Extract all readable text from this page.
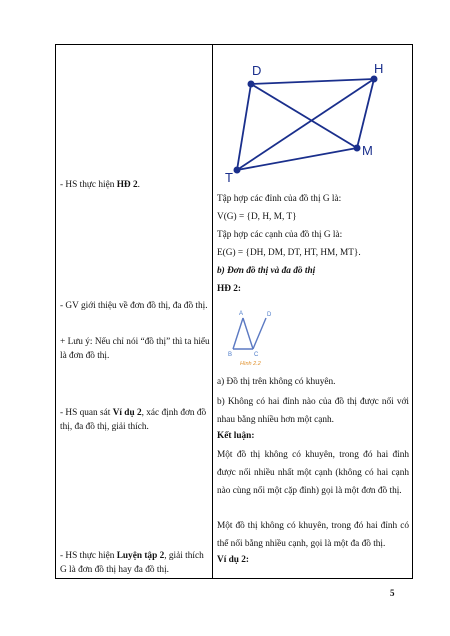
- HS thực hiện HĐ 2.
- GV giới thiệu về đơn đồ thị, đa đồ thị.
+ Lưu ý: Nếu chỉ nói “đồ thị” thì ta hiểu là đơn đồ thị.
- HS quan sát Ví dụ 2, xác định đơn đồ thị, đa đồ thị, giải thích.
- HS thực hiện Luyện tập 2, giải thích G là đơn đồ thị hay đa đồ thị.
D	H
M
T
Tập hợp các đỉnh của đồ thị G là:
V(G) = {D, H, M, T}
Tập hợp các cạnh của đồ thị G là:
E(G) = {DH, DM, DT, HT, HM, MT}.
b) Đơn đồ thị và đa đồ thị
HĐ 2:
A
B	C
D
Hình 2.2
a) Đồ thị trên không có khuyên.
b) Không có hai đỉnh nào của đồ thị được nối với nhau bằng nhiều hơn một cạnh.
Kết luận:
Một đồ thị không có khuyên, trong đó hai đỉnh được nối nhiều nhất một cạnh (không có hai cạnh nào cùng nối một cặp đỉnh) gọi là một đơn đồ thị.
Một đồ thị không có khuyên, trong đó hai đỉnh có thể nối bằng nhiều cạnh, gọi là một đa đồ thị.
Ví dụ 2:
5
